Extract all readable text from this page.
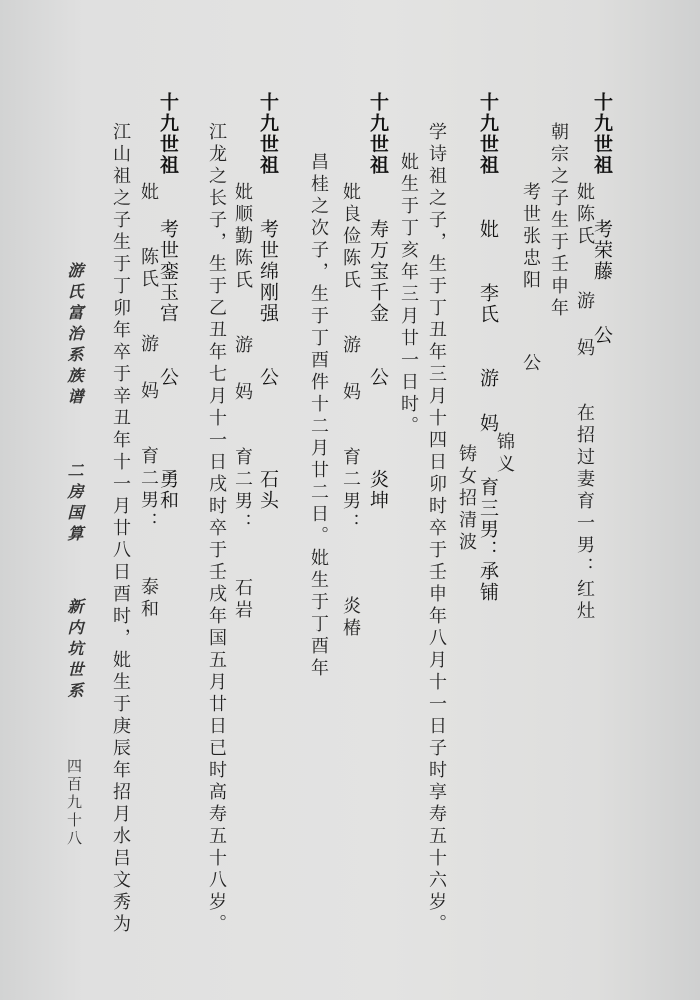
十九世祖 考荣藤 公
妣陈氏 游 妈 在招过妻育一男：红灶
朝宗之子生于壬申年
考世张忠阳 公
锦义
十九世祖 妣 李氏 游 妈 育三男：承铺
铸女招清波
学诗祖之子，生于丁丑年三月十四日卯时卒于壬申年八月十一日子时享寿五十六岁。
妣生于丁亥年三月廿一日时。
十九世祖 寿万宝千金 公 炎坤
妣良俭陈氏 游 妈 育二男： 炎椿
昌桂之次子，生于丁酉件十二月廿二日。妣生于丁酉年
十九世祖 考世绵刚强 公 石头
妣顺勤陈氏 游 妈 育二男： 石岩
江龙之长子，生于乙丑年七月十一日戌时卒于壬戌年国五月廿日已时高寿五十八岁。
十九世祖 考世銮玉宫 公 勇和
妣 陈氏 游 妈 育二男： 泰和
江山祖之子生于丁卯年卒于辛丑年十一月廿八日酉时，妣生于庚辰年招月水吕文秀为
游氏富治系族谱
二房国算
新内坑世系
四百九十八
